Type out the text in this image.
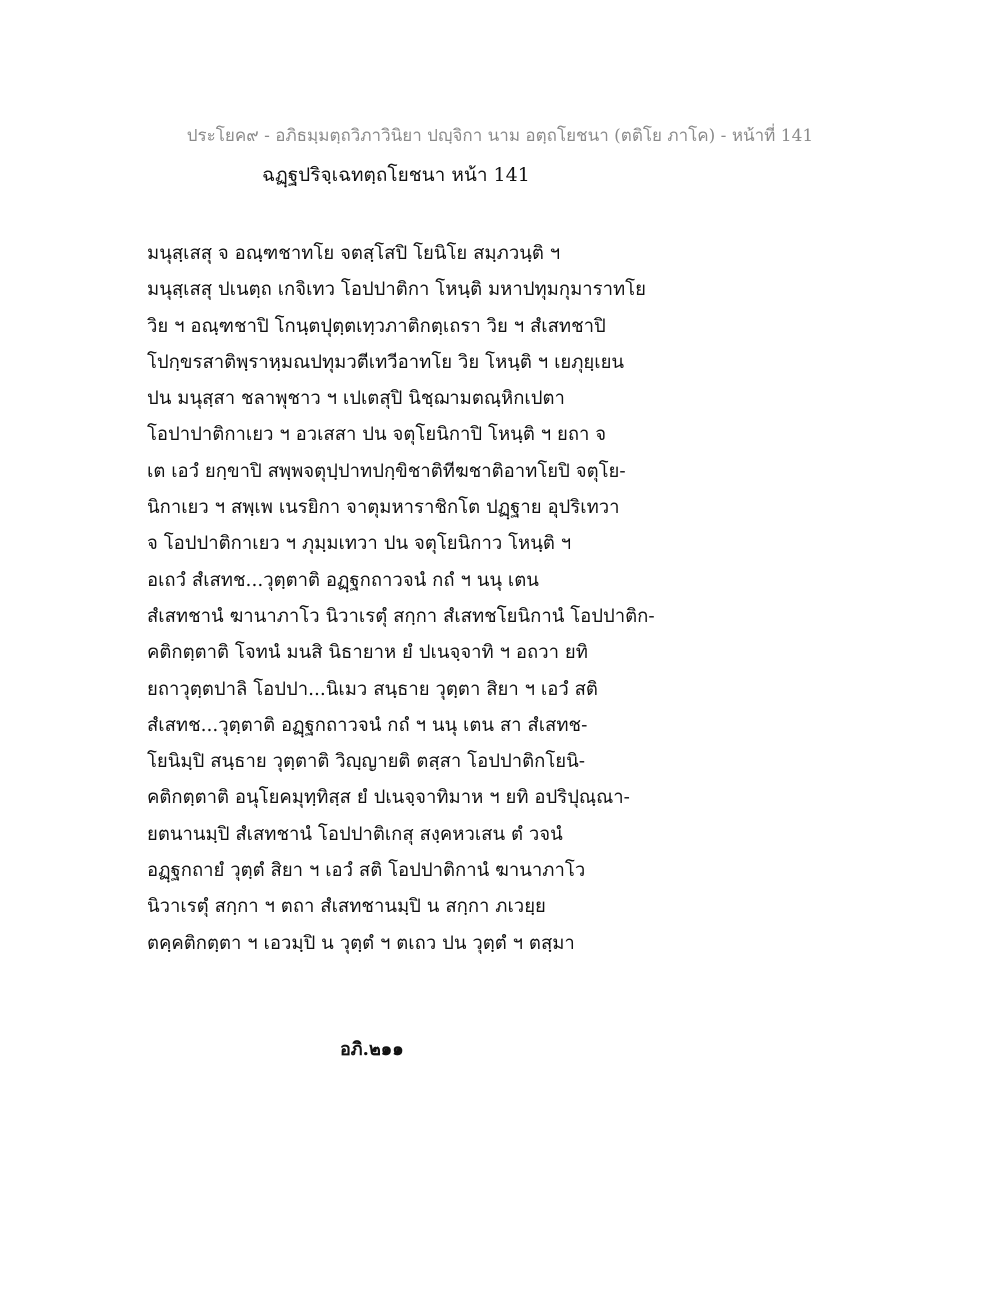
ประโยค๙ - อภิธมฺมตฺถวิภาวินิยา ปญฺจิกา นาม อตฺถโยชนา (ตติโย ภาโค) - หน้าที่ 141
ฉฏฺฐปริจฺเฉทตฺถโยชนา หน้า 141
มนุสฺเสสุ จ อณฺฑชาทโย จตสฺโสปิ โยนิโย สมฺภวนฺติ ฯ
มนุสฺเสสุ ปเนตฺถ เกจิเทว โอปปาติกา โหนฺติ มหาปทุมกุมาราทโย
วิย ฯ อณฺฑชาปิ โกนฺตปุตฺตเทฺวภาติกตฺเถรา วิย ฯ สํเสทชาปิ
โปกฺขรสาติพฺราหฺมณปทุมวตีเทวีอาทโย วิย โหนฺติ ฯ เยภุยฺเยน
ปน มนุสฺสา ชลาพุชาว ฯ เปเตสุปิ นิชฺฌามตณฺหิกเปตา
โอปาปาติกาเยว ฯ อวเสสา ปน จตุโยนิกาปิ โหนฺติ ฯ ยถา จ
เต เอวํ ยกฺขาปิ สพฺพจตุปฺปาทปกฺขิชาติทีฆชาติอาทโยปิ จตุโย-
นิกาเยว ฯ สพฺเพ เนรยิกา จาตุมหาราชิกโต ปฏฺฐาย อุปริเทวา
จ โอปปาติกาเยว ฯ ภุมฺมเทวา ปน จตุโยนิกาว โหนฺติ ฯ
อเถวํ สํเสทช...วุตฺตาติ อฏฺฐกถาวจนํ กถํ ฯ นนุ เตน
สํเสทชานํ ฆานาภาโว นิวาเรตุํ สกฺกา สํเสทชโยนิกานํ โอปปาติก-
คติกตฺตาติ โจทนํ มนสิ นิธายาห ยํ ปเนจฺจาทิ ฯ อถวา ยทิ
ยถาวุตฺตปาลิ โอปปา...นิเมว สนฺธาย วุตฺตา สิยา ฯ เอวํ สติ
สํเสทช...วุตฺตาติ อฏฺฐกถาวจนํ กถํ ฯ นนุ เตน สา สํเสทช-
โยนิมฺปิ สนฺธาย วุตฺตาติ วิญฺญายติ ตสฺสา โอปปาติกโยนิ-
คติกตฺตาติ อนุโยคมุทฺทิสฺส ยํ ปเนจฺจาทิมาห ฯ ยทิ อปริปุณฺณา-
ยตนานมฺปิ สํเสทชานํ โอปปาติเกสุ สงฺคหวเสน ตํ วจนํ
อฏฺฐกถายํ วุตฺตํ สิยา ฯ เอวํ สติ โอปปาติกานํ ฆานาภาโว
นิวาเรตุํ สกฺกา ฯ ตถา สํเสทชานมฺปิ น สกฺกา ภเวยฺย
ตคฺคติกตฺตา ฯ เอวมฺปิ น วุตฺตํ ฯ ตเถว ปน วุตฺตํ ฯ ตสฺมา
อภิ.๒๑๑
